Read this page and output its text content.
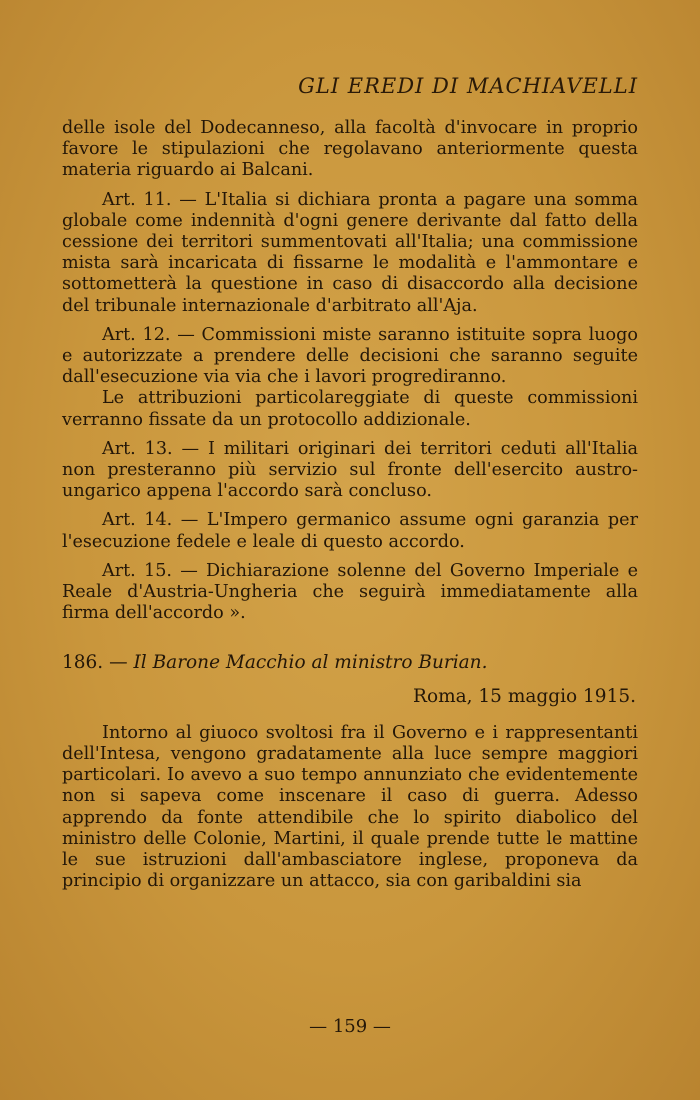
GLI EREDI DI MACHIAVELLI

delle isole del Dodecanneso, alla facoltà d'invocare in proprio favore le stipulazioni che regolavano anteriormente questa materia riguardo ai Balcani.

Art. 11. — L'Italia si dichiara pronta a pagare una somma globale come indennità d'ogni genere derivante dal fatto della cessione dei territori summentovati all'Italia; una commissione mista sarà incaricata di fissarne le modalità e l'ammontare e sottometterà la questione in caso di disaccordo alla decisione del tribunale internazionale d'arbitrato all'Aja.

Art. 12. — Commissioni miste saranno istituite sopra luogo e autorizzate a prendere delle decisioni che saranno seguite dall'esecuzione via via che i lavori progrediranno.

Le attribuzioni particolareggiate di queste commissioni verranno fissate da un protocollo addizionale.

Art. 13. — I militari originari dei territori ceduti all'Italia non presteranno più servizio sul fronte dell'esercito austro-ungarico appena l'accordo sarà concluso.

Art. 14. — L'Impero germanico assume ogni garanzia per l'esecuzione fedele e leale di questo accordo.

Art. 15. — Dichiarazione solenne del Governo Imperiale e Reale d'Austria-Ungheria che seguirà immediatamente alla firma dell'accordo ».

186. — Il Barone Macchio al ministro Burian.
Roma, 15 maggio 1915.

Intorno al giuoco svoltosi fra il Governo e i rappresentanti dell'Intesa, vengono gradatamente alla luce sempre maggiori particolari. Io avevo a suo tempo annunziato che evidentemente non si sapeva come inscenare il caso di guerra. Adesso apprendo da fonte attendibile che lo spirito diabolico del ministro delle Colonie, Martini, il quale prende tutte le mattine le sue istruzioni dall'ambasciatore inglese, proponeva da principio di organizzare un attacco, sia con garibaldini sia

— 159 —
